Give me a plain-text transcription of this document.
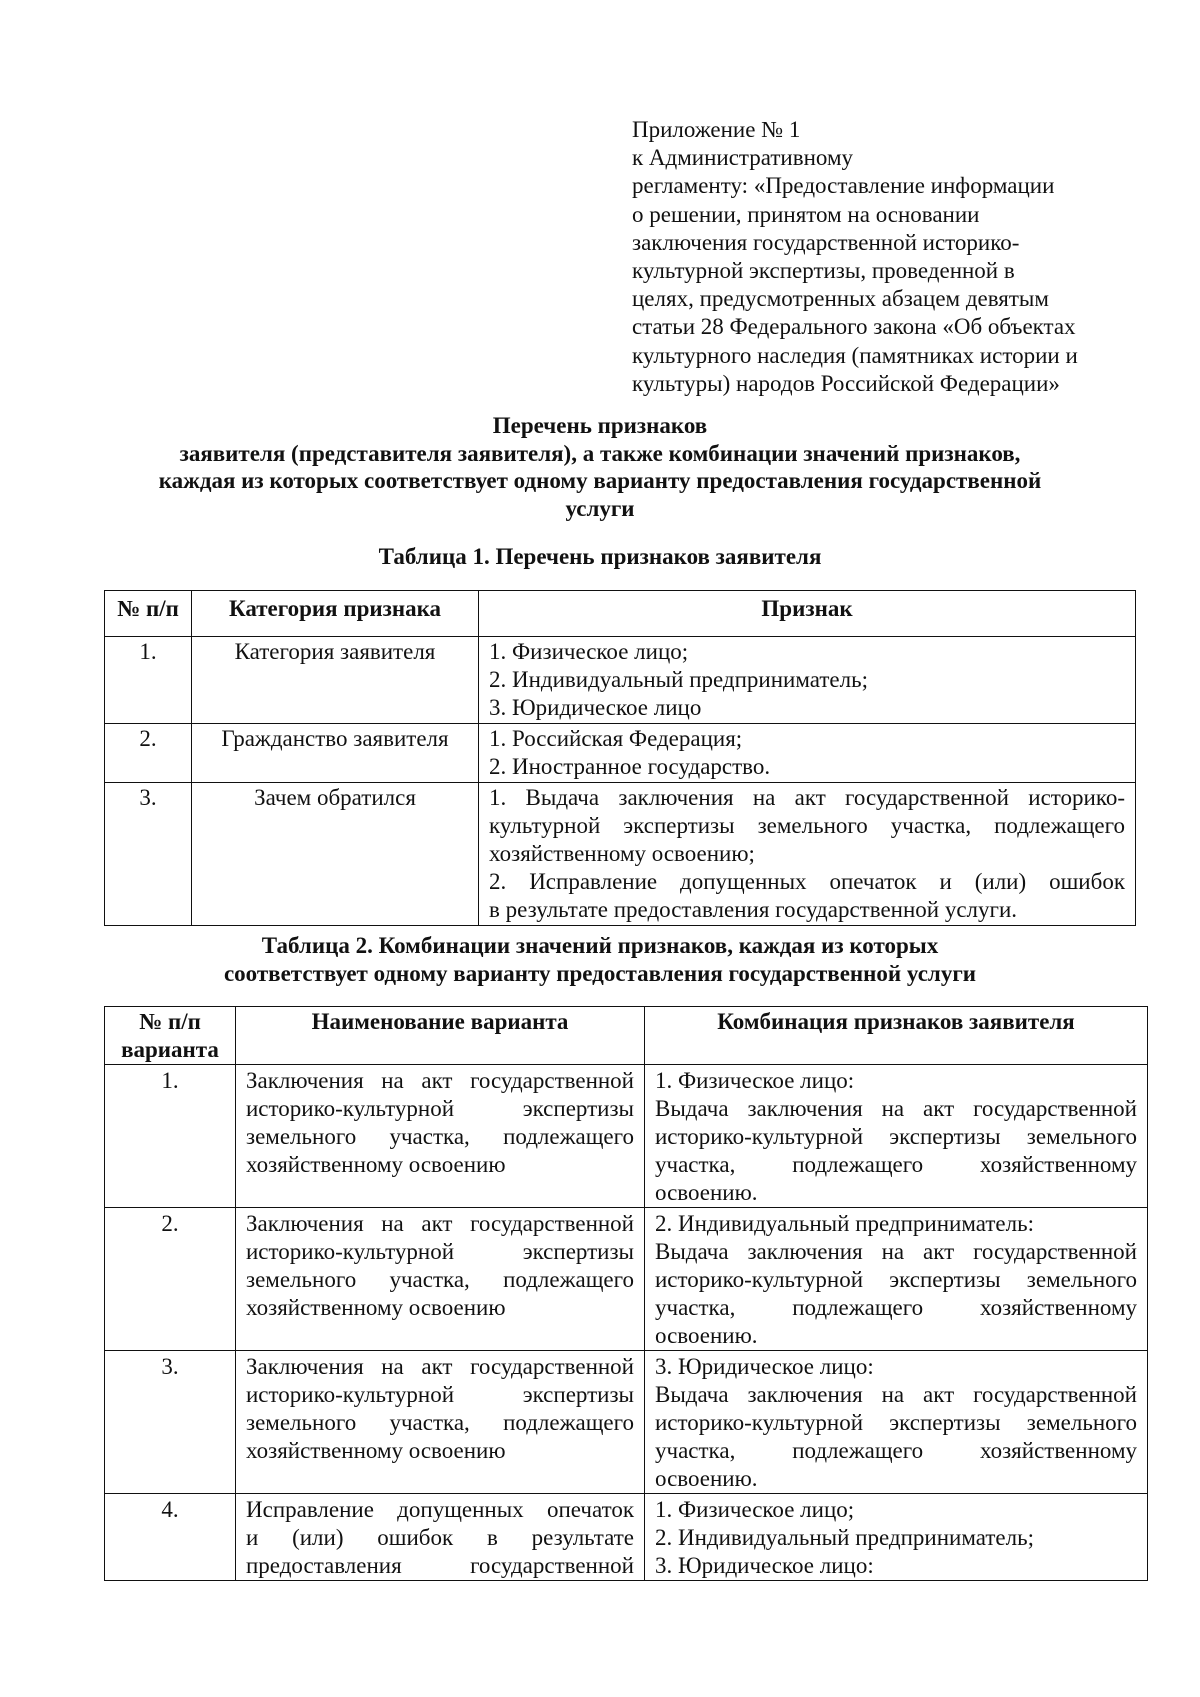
Приложение № 1
к Административному
регламенту: «Предоставление информации
о решении, принятом на основании
заключения государственной историко-
культурной экспертизы, проведенной в
целях, предусмотренных абзацем девятым
статьи 28 Федерального закона «Об объектах
культурного наследия (памятниках истории и
культуры) народов Российской Федерации»
Перечень признаков
заявителя (представителя заявителя), а также комбинации значений признаков,
каждая из которых соответствует одному варианту предоставления государственной
услуги
Таблица 1. Перечень признаков заявителя
№ п/п	Категория признака	Признак
1.	Категория заявителя	1. Физическое лицо;
2. Индивидуальный предприниматель;
3. Юридическое лицо

2.	Гражданство заявителя	1. Российская Федерация;
2. Иностранное государство.

3.	Зачем обратился	1. Выдача заключения на акт государственной историко-
культурной экспертизы земельного участка, подлежащего
хозяйственному освоению;
2. Исправление допущенных опечаток и (или) ошибок
в результате предоставления государственной услуги.
Таблица 2. Комбинации значений признаков, каждая из которых
соответствует одному варианту предоставления государственной услуги
№ п/п
варианта	Наименование варианта	Комбинация признаков заявителя
1.	Заключения на акт государственной
историко-культурной экспертизы
земельного участка, подлежащего
хозяйственному освоению	1. Физическое лицо:
Выдача заключения на акт государственной
историко-культурной экспертизы земельного
участка, подлежащего хозяйственному
освоению.

2.	Заключения на акт государственной
историко-культурной экспертизы
земельного участка, подлежащего
хозяйственному освоению	2. Индивидуальный предприниматель:
Выдача заключения на акт государственной
историко-культурной экспертизы земельного
участка, подлежащего хозяйственному
освоению.

3.	Заключения на акт государственной
историко-культурной экспертизы
земельного участка, подлежащего
хозяйственному освоению	3. Юридическое лицо:
Выдача заключения на акт государственной
историко-культурной экспертизы земельного
участка, подлежащего хозяйственному
освоению.

4.	Исправление допущенных опечаток
и (или) ошибок в результате
предоставления государственной	1. Физическое лицо;
2. Индивидуальный предприниматель;
3. Юридическое лицо:
